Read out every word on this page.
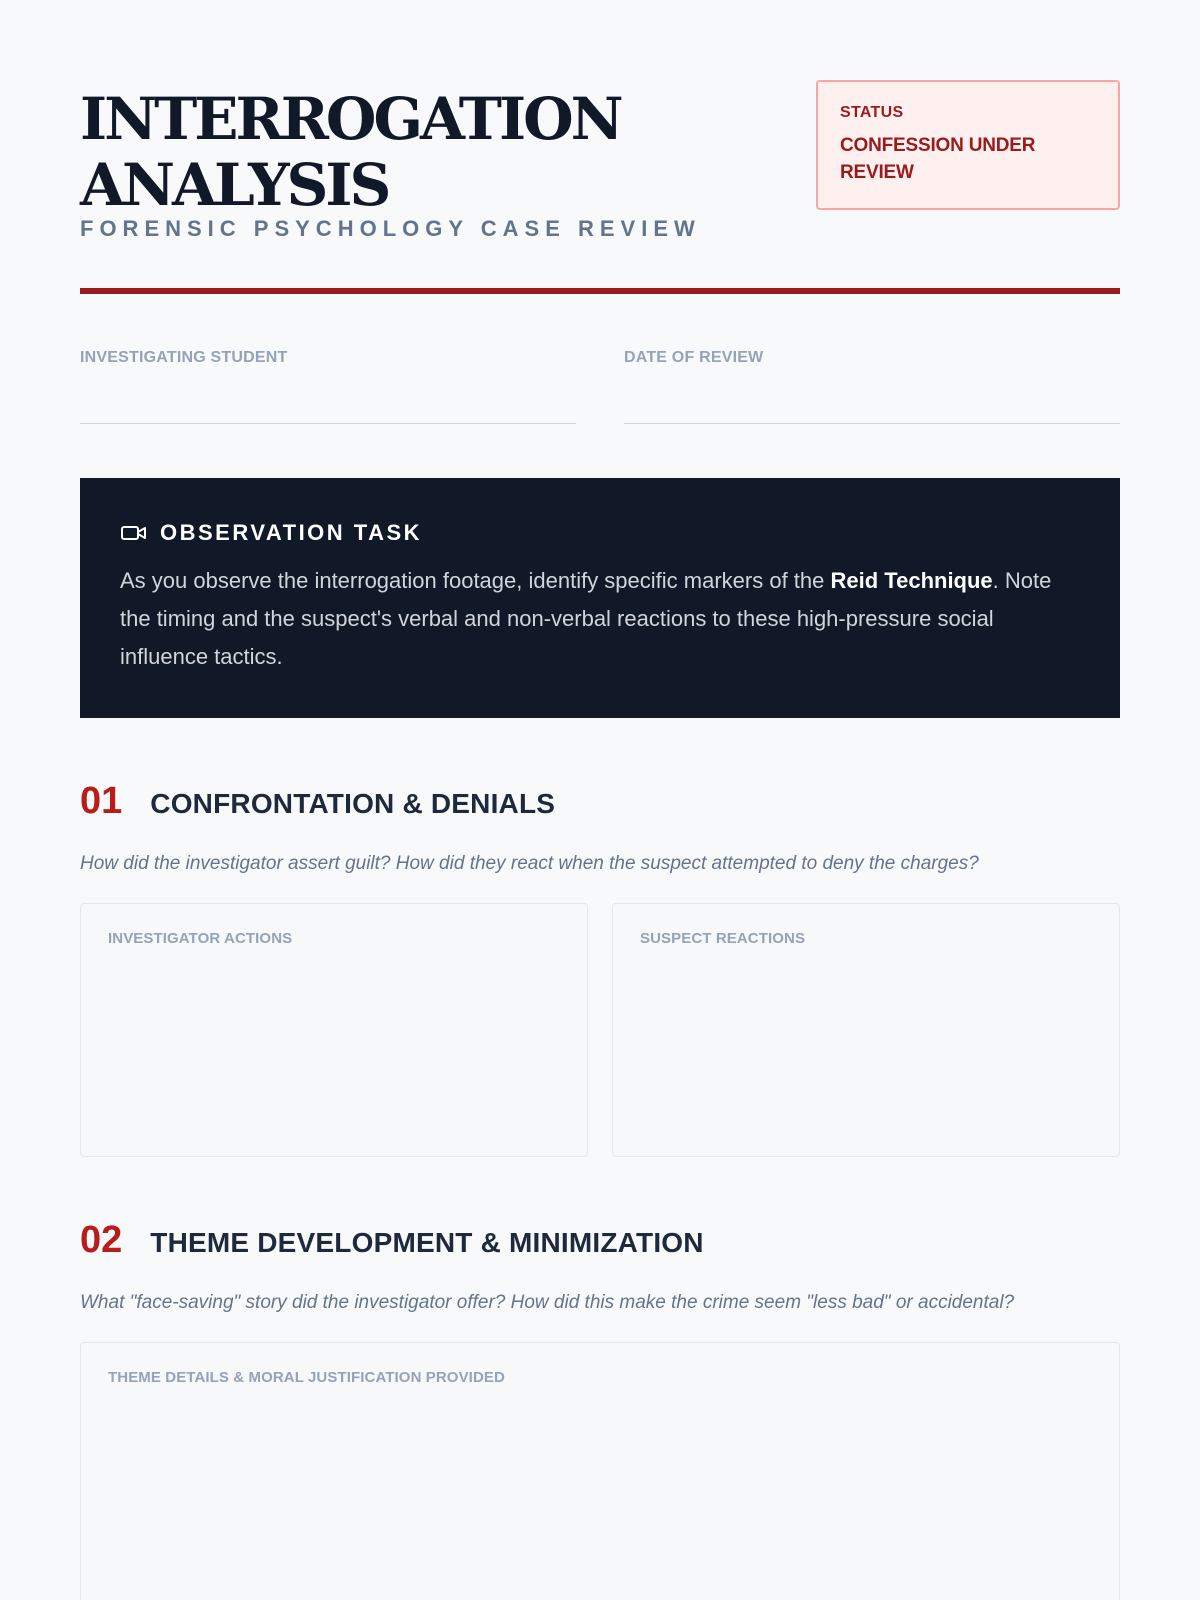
INTERROGATION
ANALYSIS
FORENSIC PSYCHOLOGY CASE REVIEW
STATUS
CONFESSION UNDER REVIEW
INVESTIGATING STUDENT	DATE OF REVIEW
OBSERVATION TASK
As you observe the interrogation footage, identify specific markers of the Reid Technique. Note the timing and the suspect's verbal and non-verbal reactions to these high-pressure social influence tactics.
01 CONFRONTATION & DENIALS
How did the investigator assert guilt? How did they react when the suspect attempted to deny the charges?
INVESTIGATOR ACTIONS	SUSPECT REACTIONS
02 THEME DEVELOPMENT & MINIMIZATION
What "face-saving" story did the investigator offer? How did this make the crime seem "less bad" or accidental?
THEME DETAILS & MORAL JUSTIFICATION PROVIDED
